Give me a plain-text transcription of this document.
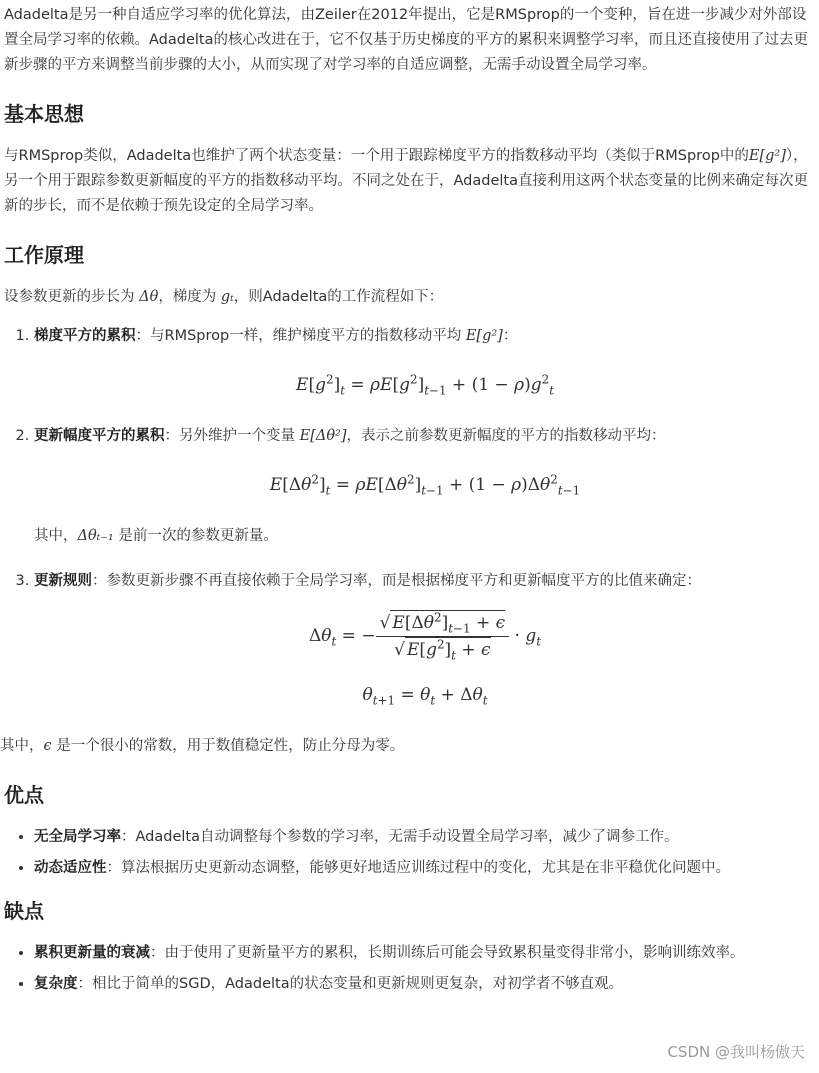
Adadelta是另一种自适应学习率的优化算法，由Zeiler在2012年提出，它是RMSprop的一个变种，旨在进一步减少对外部设置全局学习率的依赖。Adadelta的核心改进在于，它不仅基于历史梯度的平方的累积来调整学习率，而且还直接使用了过去更新步骤的平方来调整当前步骤的大小，从而实现了对学习率的自适应调整，无需手动设置全局学习率。

基本思想

与RMSprop类似，Adadelta也维护了两个状态变量：一个用于跟踪梯度平方的指数移动平均（类似于RMSprop中的E[g²]），另一个用于跟踪参数更新幅度的平方的指数移动平均。不同之处在于，Adadelta直接利用这两个状态变量的比例来确定每次更新的步长，而不是依赖于预先设定的全局学习率。

工作原理

设参数更新的步长为 Δθ，梯度为 gₜ，则Adadelta的工作流程如下：

1. 梯度平方的累积：与RMSprop一样，维护梯度平方的指数移动平均 E[g²]：
$E[g^2]_t = \rho E[g^2]_{t-1} + (1 - \rho)g^2_t$
2. 更新幅度平方的累积：另外维护一个变量 E[Δθ²]，表示之前参数更新幅度的平方的指数移动平均：
$E[\Delta\theta^2]_t = \rho E[\Delta\theta^2]_{t-1} + (1 - \rho)\Delta\theta^2_{t-1}$

其中，Δθₜ₋₁ 是前一次的参数更新量。

3. 更新规则：参数更新步骤不再直接依赖于全局学习率，而是根据梯度平方和更新幅度平方的比值来确定：
$\Delta\theta_t$ = − $\frac{√ E[\Delta\theta^2]_{t-1} + \epsilon}{√ E[g^2]_t + \epsilon} \cdot g_t$
$\theta_{t+1} = \theta_t + \Delta\theta_t$

其中，ϵ 是一个很小的常数，用于数值稳定性，防止分母为零。

优点
• 无全局学习率：Adadelta自动调整每个参数的学习率，无需手动设置全局学习率，减少了调参工作。
• 动态适应性：算法根据历史更新动态调整，能够更好地适应训练过程中的变化，尤其是在非平稳优化问题中。
缺点
• 累积更新量的衰减：由于使用了更新量平方的累积，长期训练后可能会导致累积量变得非常小，影响训练效率。
• 复杂度：相比于简单的SGD，Adadelta的状态变量和更新规则更复杂，对初学者不够直观。
CSDN @我叫杨傲天
